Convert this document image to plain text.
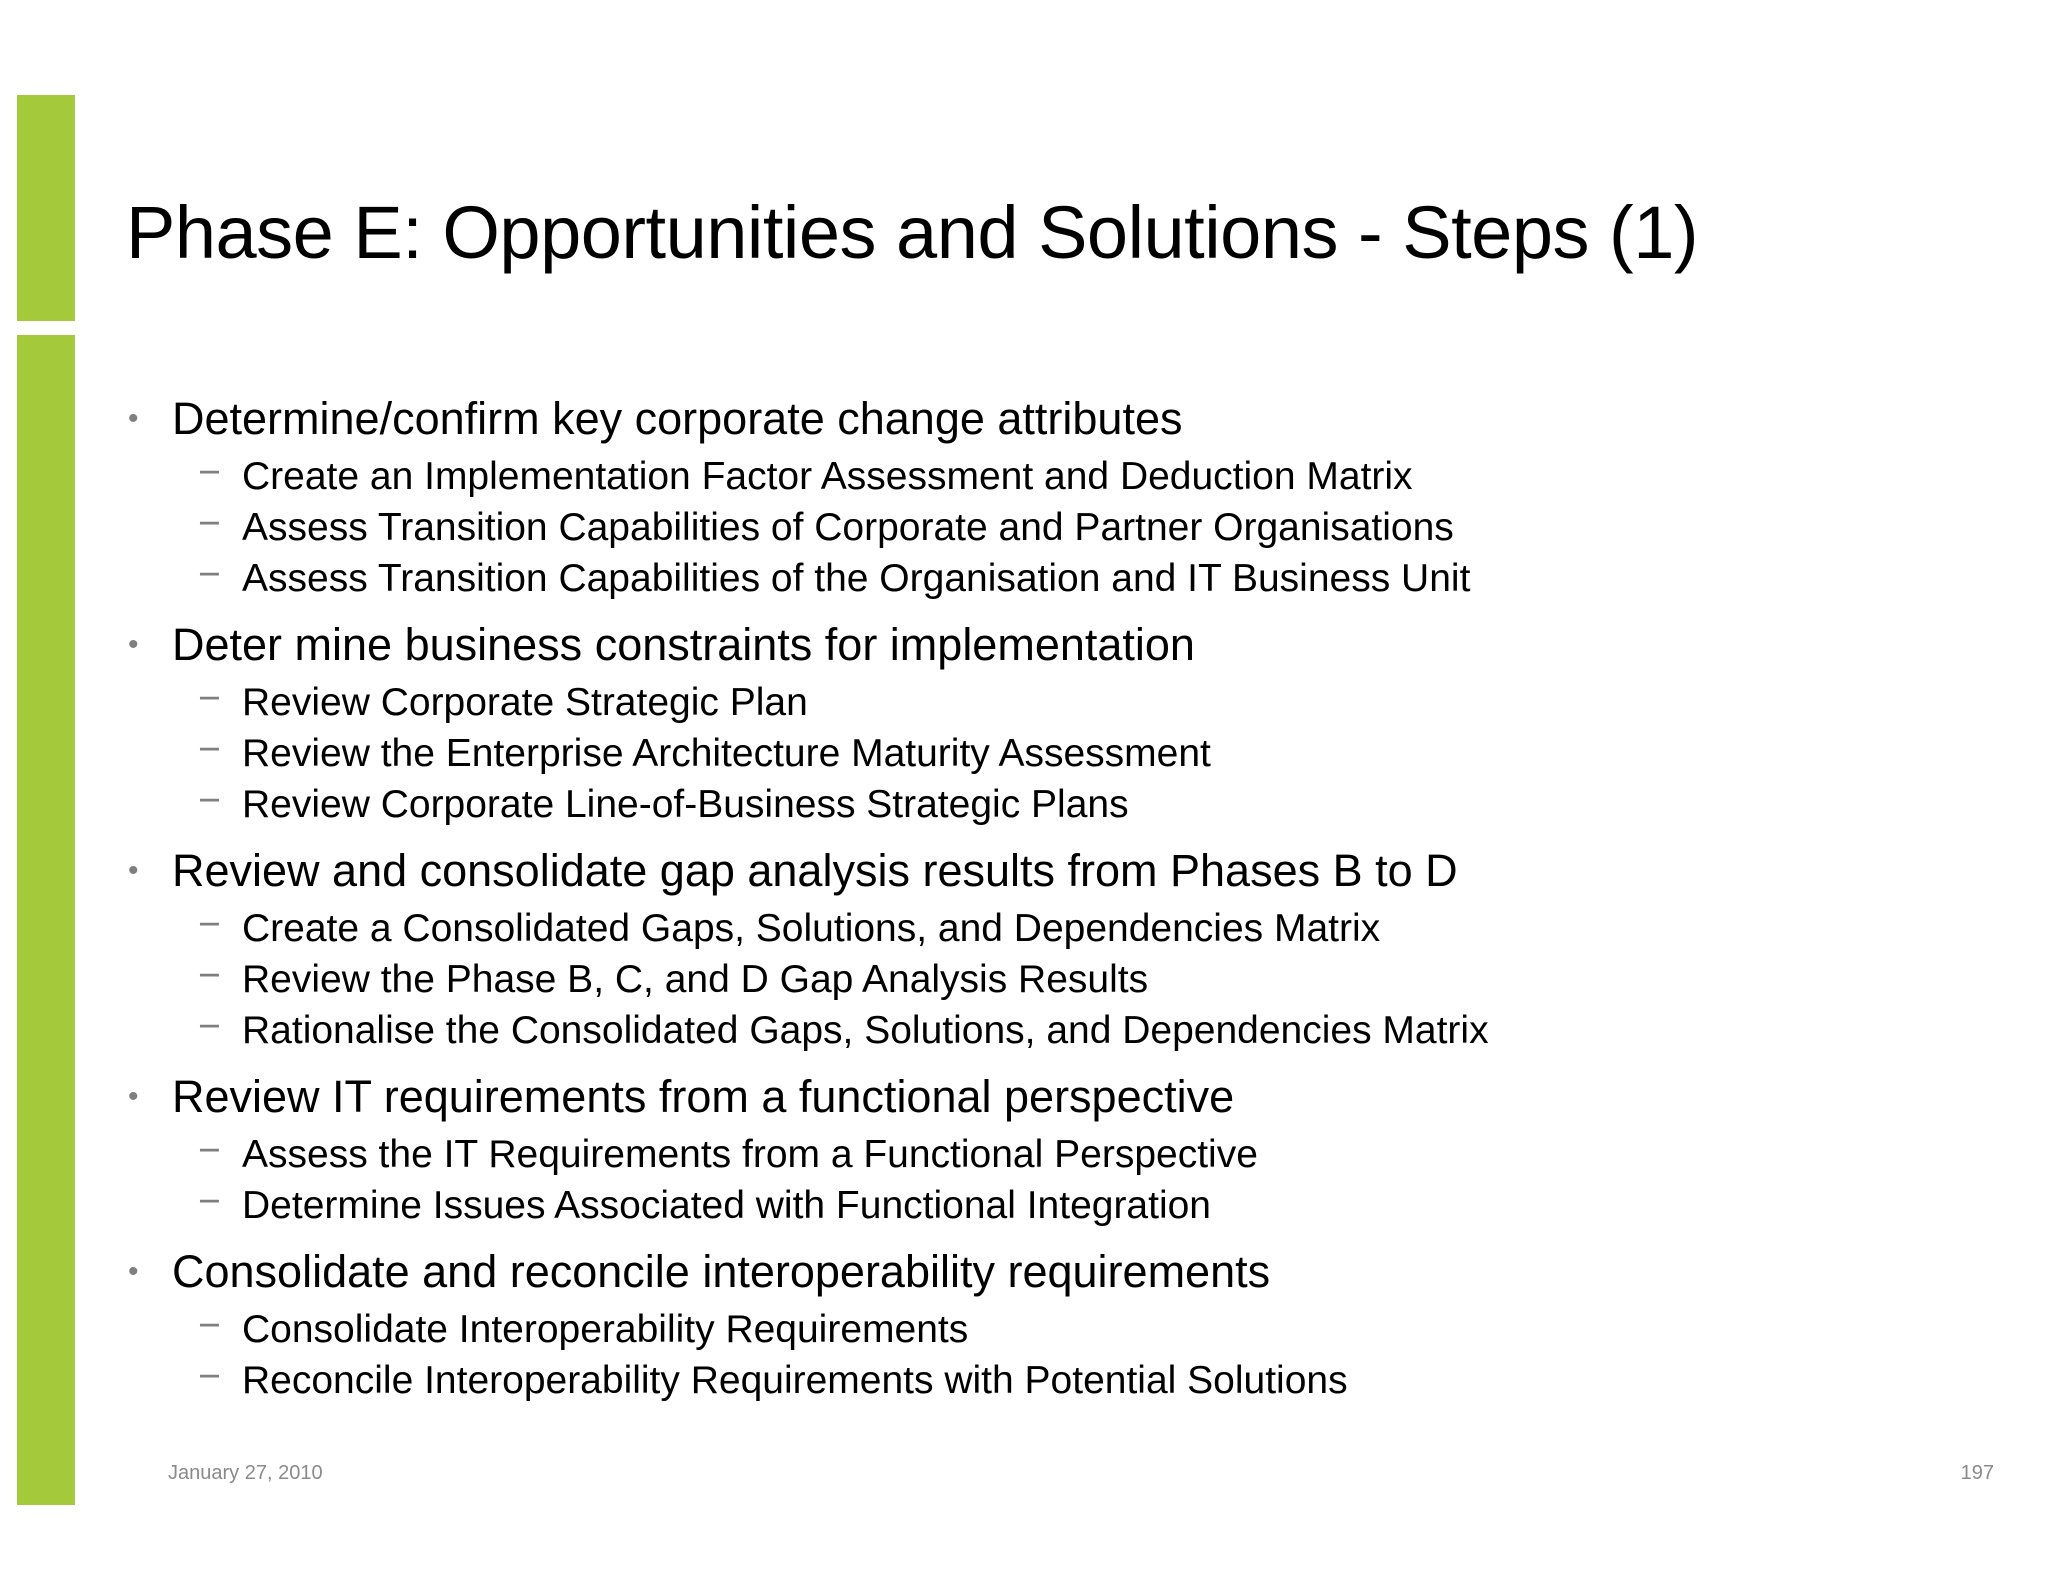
Phase E: Opportunities and Solutions - Steps (1)
• Determine/confirm key corporate change attributes
− Create an Implementation Factor Assessment and Deduction Matrix
− Assess Transition Capabilities of Corporate and Partner Organisations
− Assess Transition Capabilities of the Organisation and IT Business Unit
• Deter mine business constraints for implementation
− Review Corporate Strategic Plan
− Review the Enterprise Architecture Maturity Assessment
− Review Corporate Line-of-Business Strategic Plans
• Review and consolidate gap analysis results from Phases B to D
− Create a Consolidated Gaps, Solutions, and Dependencies Matrix
− Review the Phase B, C, and D Gap Analysis Results
− Rationalise the Consolidated Gaps, Solutions, and Dependencies Matrix
• Review IT requirements from a functional perspective
− Assess the IT Requirements from a Functional Perspective
− Determine Issues Associated with Functional Integration
• Consolidate and reconcile interoperability requirements
− Consolidate Interoperability Requirements
− Reconcile Interoperability Requirements with Potential Solutions
January 27, 2010	197
